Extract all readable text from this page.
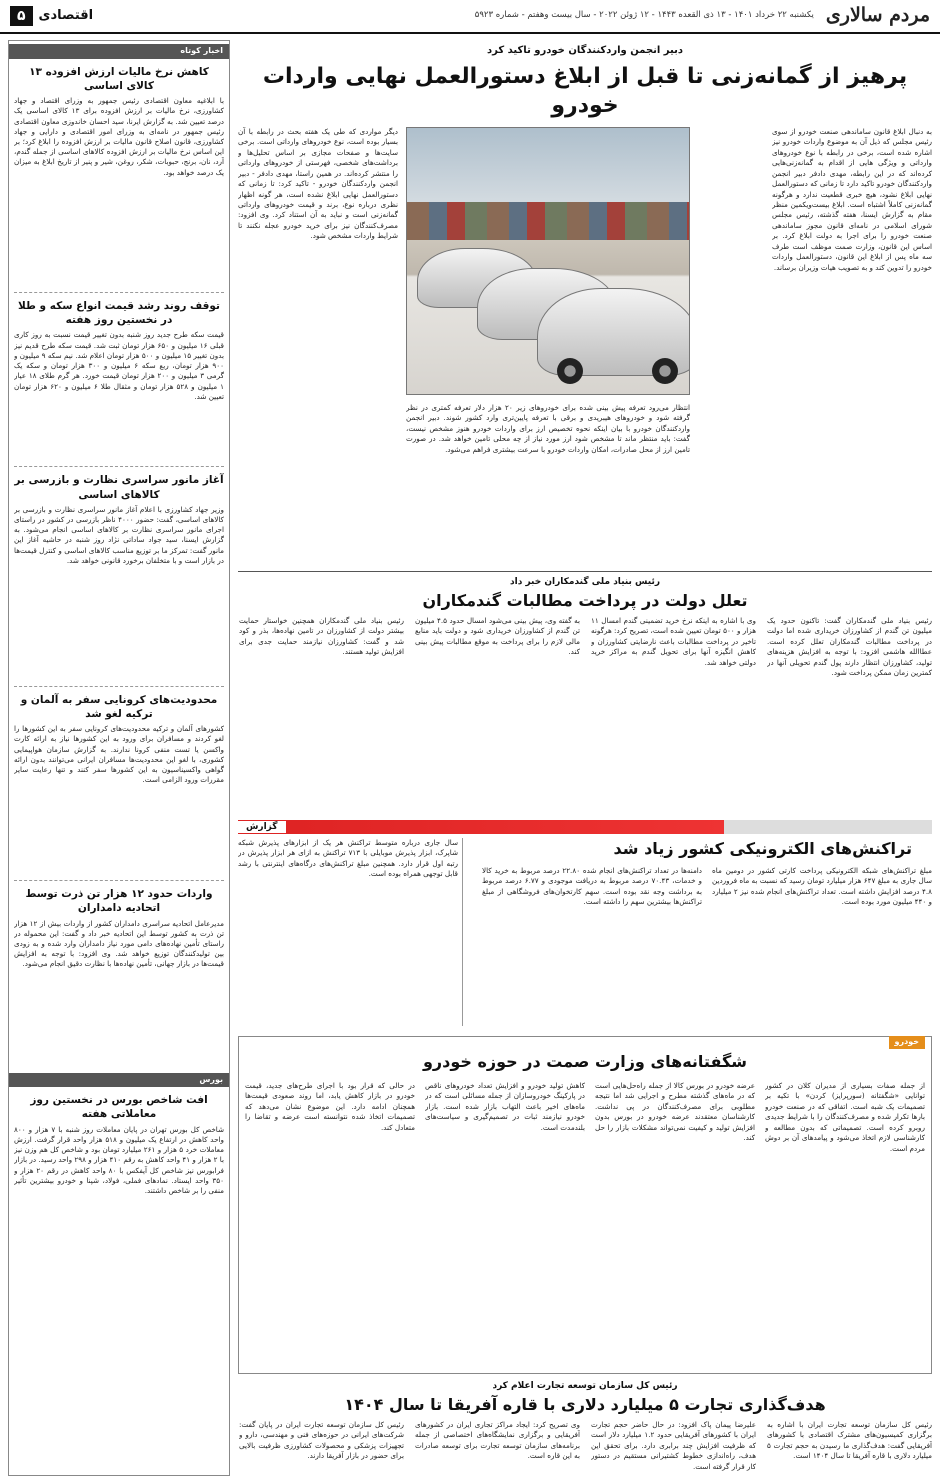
مردم سالاری
یکشنبه ۲۲ خرداد ۱۴۰۱ - ۱۳ ذی القعده ۱۴۴۳ - ۱۲ ژوئن ۲۰۲۲ - سال بیست وهفتم - شماره ۵۹۲۳
اقتصادی
۵
اخبار کوتاه
کاهش نرخ مالیات ارزش افزوده ۱۳ کالای اساسی

با ابلاغیه معاون اقتصادی رئیس جمهور به وزرای اقتصاد و جهاد کشاورزی، نرخ مالیات بر ارزش افزوده برای ۱۳ کالای اساسی یک درصد تعیین شد. به گزارش ایرنا، سید احسان خاندوزی معاون اقتصادی رئیس جمهور در نامه‌ای به وزرای امور اقتصادی و دارایی و جهاد کشاورزی، قانون اصلاح قانون مالیات بر ارزش افزوده را ابلاغ کرد؛ بر این اساس نرخ مالیات بر ارزش افزوده کالاهای اساسی از جمله گندم، آرد، نان، برنج، حبوبات، شکر، روغن، شیر و پنیر از تاریخ ابلاغ به میزان یک درصد خواهد بود.

توقف روند رشد قیمت انواع سکه و طلا در نخستین روز هفته

قیمت سکه طرح جدید روز شنبه بدون تغییر قیمت نسبت به روز کاری قبلی ۱۶ میلیون و ۶۵۰ هزار تومان ثبت شد. قیمت سکه طرح قدیم نیز بدون تغییر ۱۵ میلیون و ۵۰۰ هزار تومان اعلام شد. نیم سکه ۹ میلیون و ۹۰۰ هزار تومان، ربع سکه ۶ میلیون و ۳۰۰ هزار تومان و سکه یک گرمی ۳ میلیون و ۲۰۰ هزار تومان قیمت خورد. هر گرم طلای ۱۸ عیار ۱ میلیون و ۵۲۸ هزار تومان و مثقال طلا ۶ میلیون و ۶۲۰ هزار تومان تعیین شد.

آغاز مانور سراسری نظارت و بازرسی بر کالاهای اساسی

وزیر جهاد کشاورزی با اعلام آغاز مانور سراسری نظارت و بازرسی بر کالاهای اساسی، گفت: حضور ۴۰۰۰ ناظر بازرسی در کشور در راستای اجرای مانور سراسری نظارت بر کالاهای اساسی انجام می‌شود. به گزارش ایسنا، سید جواد ساداتی نژاد روز شنبه در حاشیه آغاز این مانور گفت: تمرکز ما بر توزیع مناسب کالاهای اساسی و کنترل قیمت‌ها در بازار است و با متخلفان برخورد قانونی خواهد شد.

محدودیت‌های کرونایی سفر به آلمان و ترکیه لغو شد

کشورهای آلمان و ترکیه محدودیت‌های کرونایی سفر به این کشورها را لغو کردند و مسافران برای ورود به این کشورها نیاز به ارائه کارت واکسن یا تست منفی کرونا ندارند. به گزارش سازمان هواپیمایی کشوری، با لغو این محدودیت‌ها مسافران ایرانی می‌توانند بدون ارائه گواهی واکسیناسیون به این کشورها سفر کنند و تنها رعایت سایر مقررات ورود الزامی است.

واردات حدود ۱۲ هزار تن ذرت توسط اتحادیه دامداران

مدیرعامل اتحادیه سراسری دامداران کشور از واردات بیش از ۱۲ هزار تن ذرت به کشور توسط این اتحادیه خبر داد و گفت: این محموله در راستای تأمین نهاده‌های دامی مورد نیاز دامداران وارد شده و به زودی بین تولیدکنندگان توزیع خواهد شد. وی افزود: با توجه به افزایش قیمت‌ها در بازار جهانی، تأمین نهاده‌ها با نظارت دقیق انجام می‌شود.

بورس
افت شاخص بورس در نخستین روز معاملاتی هفته

شاخص کل بورس تهران در پایان معاملات روز شنبه با ۷ هزار و ۸۰۰ واحد کاهش در ارتفاع یک میلیون و ۵۱۸ هزار واحد قرار گرفت. ارزش معاملات خرد ۵ هزار و ۲۶۱ میلیارد تومان بود و شاخص کل هم وزن نیز با ۲ هزار و ۴۱ واحد کاهش به رقم ۴۱۰ هزار و ۲۹۸ واحد رسید. در بازار فرابورس نیز شاخص کل آیفکس با ۸۰ واحد کاهش در رقم ۲۰ هزار و ۳۵۰ واحد ایستاد. نمادهای فملی، فولاد، شپنا و خودرو بیشترین تأثیر منفی را بر شاخص داشتند.

دبیر انجمن واردکنندگان خودرو تاکید کرد
پرهیز از گمانه‌زنی تا قبل از ابلاغ دستورالعمل نهایی واردات خودرو
به دنبال ابلاغ قانون ساماندهی صنعت خودرو از سوی رئیس مجلس که ذیل آن به موضوع واردات خودرو نیز اشاره شده است، برخی در رابطه با نوع خودروهای وارداتی و ویژگی هایی از اقدام به گمانه‌زنی‌هایی کرده‌اند که در این رابطه، مهدی دادفر دبیر انجمن واردکنندگان خودرو تاکید دارد تا زمانی که دستورالعمل نهایی ابلاغ نشود، هیچ خبری قطعیت ندارد و هرگونه گمانه‌زنی کاملاً اشتباه است. ابلاغ بیست‌ویکمین منظر مقام به گزارش ایسنا، هفته گذشته، رئیس مجلس شورای اسلامی در نامه‌ای قانون مجوز ساماندهی صنعت خودرو را برای اجرا به دولت ابلاغ کرد. بر اساس این قانون، وزارت صمت موظف است طرف سه ماه پس از ابلاغ این قانون، دستورالعمل واردات خودرو را تدوین کند و به تصویب هیات وزیران برساند.
دیگر مواردی که طی یک هفته بحث در رابطه با آن بسیار بوده است، نوع خودروهای وارداتی است. برخی سایت‌ها و صفحات مجازی بر اساس تحلیل‌ها و برداشت‌های شخصی، فهرستی از خودروهای وارداتی را منتشر کرده‌اند. در همین راستا، مهدی دادفر - دبیر انجمن واردکنندگان خودرو - تاکید کرد: تا زمانی که دستورالعمل نهایی ابلاغ نشده است، هر گونه اظهار نظری درباره نوع، برند و قیمت خودروهای وارداتی گمانه‌زنی است و نباید به آن استناد کرد. وی افزود: مصرف‌کنندگان نیز برای خرید خودرو عجله نکنند تا شرایط واردات مشخص شود.
انتظار می‌رود تعرفه پیش بینی شده برای خودروهای زیر ۲۰ هزار دلار تعرفه کمتری در نظر گرفته شود و خودروهای هیبریدی و برقی با تعرفه پایین‌تری وارد کشور شوند. دبیر انجمن واردکنندگان خودرو با بیان اینکه نحوه تخصیص ارز برای واردات خودرو هنوز مشخص نیست، گفت: باید منتظر ماند تا مشخص شود ارز مورد نیاز از چه محلی تامین خواهد شد. در صورت تامین ارز از محل صادرات، امکان واردات خودرو با سرعت بیشتری فراهم می‌شود.
رئیس بنیاد ملی گندمکاران خبر داد
تعلل دولت در پرداخت مطالبات گندمکاران
رئیس بنیاد ملی گندمکاران گفت: تاکنون حدود یک میلیون تن گندم از کشاورزان خریداری شده اما دولت در پرداخت مطالبات گندمکاران تعلل کرده است. عطاالله هاشمی افزود: با توجه به افزایش هزینه‌های تولید، کشاورزان انتظار دارند پول گندم تحویلی آنها در کمترین زمان ممکن پرداخت شود.
وی با اشاره به اینکه نرخ خرید تضمینی گندم امسال ۱۱ هزار و ۵۰۰ تومان تعیین شده است، تصریح کرد: هرگونه تاخیر در پرداخت مطالبات باعث نارضایتی کشاورزان و کاهش انگیزه آنها برای تحویل گندم به مراکز خرید دولتی خواهد شد.
به گفته وی، پیش بینی می‌شود امسال حدود ۴.۵ میلیون تن گندم از کشاورزان خریداری شود و دولت باید منابع مالی لازم را برای پرداخت به موقع مطالبات پیش بینی کند.
رئیس بنیاد ملی گندمکاران همچنین خواستار حمایت بیشتر دولت از کشاورزان در تامین نهاده‌ها، بذر و کود شد و گفت: کشاورزان نیازمند حمایت جدی برای افزایش تولید هستند.
گزارش
تراکنش‌های الکترونیکی کشور زیاد شد
مبلغ تراکنش‌های شبکه الکترونیکی پرداخت کارتی کشور در دومین ماه سال جاری به مبلغ ۶۴۷ هزار میلیارد تومان رسید که نسبت به ماه فروردین ۴.۸ درصد افزایش داشته است. تعداد تراکنش‌های انجام شده نیز ۲ میلیارد و ۴۴۰ میلیون مورد بوده است.
دامنه‌ها در تعداد تراکنش‌های انجام شده ۲۲.۸۰ درصد مربوط به خرید کالا و خدمات، ۷۰.۴۳ درصد مربوط به دریافت موجودی و ۶.۷۷ درصد مربوط به برداشت وجه نقد بوده است. سهم کارتخوان‌های فروشگاهی از مبلغ تراکنش‌ها بیشترین سهم را داشته است.
سال جاری درباره متوسط تراکنش هر یک از ابزارهای پذیرش شبکه شاپرک، ابزار پذیرش موبایلی با ۷۱۳ تراکنش به ازای هر ابزار پذیرش در رتبه اول قرار دارد. همچنین مبلغ تراکنش‌های درگاه‌های اینترنتی با رشد قابل توجهی همراه بوده است.
خودرو
شگفتانه‌های وزارت صمت در حوزه خودرو
از جمله صفات بسیاری از مدیران کلان در کشور توانایی «شگفتانه (سورپرایز) کردن» با تکیه بر تصمیمات یک شبه است. اتفاقی که در صنعت خودرو بارها تکرار شده و مصرف‌کنندگان را با شرایط جدیدی روبرو کرده است. تصمیماتی که بدون مطالعه و کارشناسی لازم اتخاذ می‌شود و پیامدهای آن بر دوش مردم است.
عرضه خودرو در بورس کالا از جمله راه‌حل‌هایی است که در ماه‌های گذشته مطرح و اجرایی شد اما نتیجه مطلوبی برای مصرف‌کنندگان در پی نداشت. کارشناسان معتقدند عرضه خودرو در بورس بدون افزایش تولید و کیفیت نمی‌تواند مشکلات بازار را حل کند.
کاهش تولید خودرو و افزایش تعداد خودروهای ناقص در پارکینگ خودروسازان از جمله مسائلی است که در ماه‌های اخیر باعث التهاب بازار شده است. بازار خودرو نیازمند ثبات در تصمیم‌گیری و سیاست‌های بلندمدت است.
در حالی که قرار بود با اجرای طرح‌های جدید، قیمت خودرو در بازار کاهش یابد، اما روند صعودی قیمت‌ها همچنان ادامه دارد. این موضوع نشان می‌دهد که تصمیمات اتخاذ شده نتوانسته است عرضه و تقاضا را متعادل کند.
رئیس کل سازمان توسعه تجارت اعلام کرد
هدف‌گذاری تجارت ۵ میلیارد دلاری با قاره آفریقا تا سال ۱۴۰۴
رئیس کل سازمان توسعه تجارت ایران با اشاره به برگزاری کمیسیون‌های مشترک اقتصادی با کشورهای آفریقایی گفت: هدف‌گذاری ما رسیدن به حجم تجارت ۵ میلیارد دلاری با قاره آفریقا تا سال ۱۴۰۴ است.
علیرضا پیمان پاک افزود: در حال حاضر حجم تجارت ایران با کشورهای آفریقایی حدود ۱.۲ میلیارد دلار است که ظرفیت افزایش چند برابری دارد. برای تحقق این هدف، راه‌اندازی خطوط کشتیرانی مستقیم در دستور کار قرار گرفته است.
وی تصریح کرد: ایجاد مراکز تجاری ایران در کشورهای آفریقایی و برگزاری نمایشگاه‌های اختصاصی از جمله برنامه‌های سازمان توسعه تجارت برای توسعه صادرات به این قاره است.
رئیس کل سازمان توسعه تجارت ایران در پایان گفت: شرکت‌های ایرانی در حوزه‌های فنی و مهندسی، دارو و تجهیزات پزشکی و محصولات کشاورزی ظرفیت بالایی برای حضور در بازار آفریقا دارند.
